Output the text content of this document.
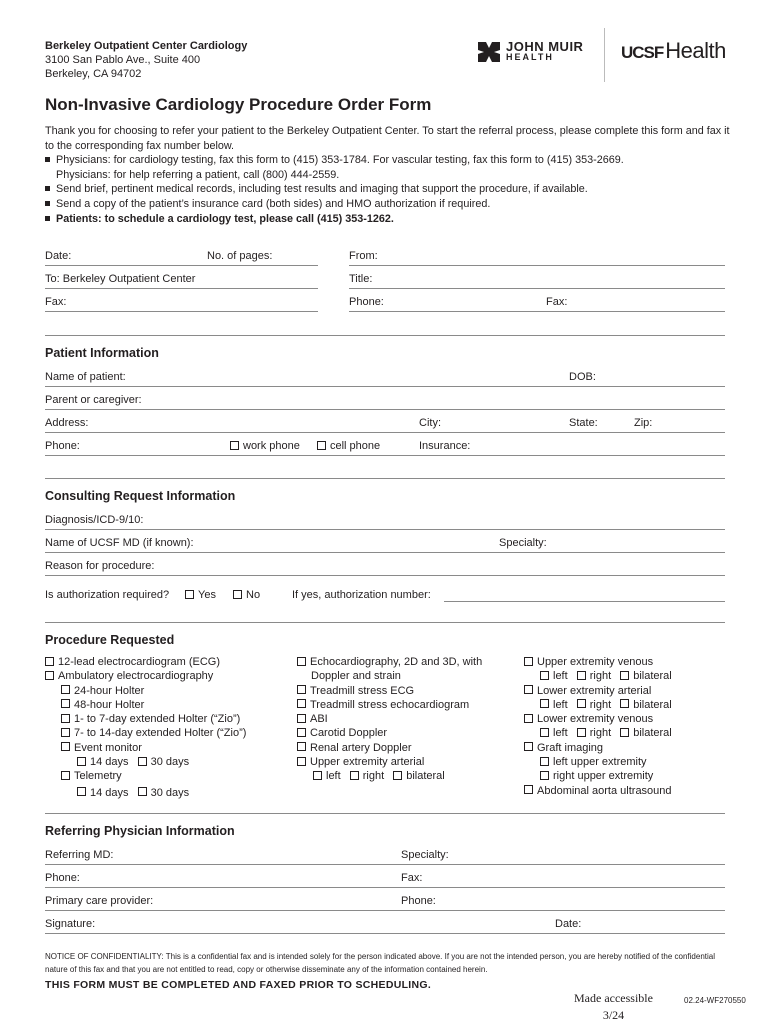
Berkeley Outpatient Center Cardiology
3100 San Pablo Ave., Suite 400
Berkeley, CA 94702
JOHN MUIR
HEALTH	UCSF Health
Non-Invasive Cardiology Procedure Order Form
Thank you for choosing to refer your patient to the Berkeley Outpatient Center. To start the referral process, please complete this form and fax it to the corresponding fax number below.
Physicians: for cardiology testing, fax this form to (415) 353-1784. For vascular testing, fax this form to (415) 353-2669.
Physicians: for help referring a patient, call (800) 444-2559.
Send brief, pertinent medical records, including test results and imaging that support the procedure, if available.
Send a copy of the patient’s insurance card (both sides) and HMO authorization if required.
Patients: to schedule a cardiology test, please call (415) 353-1262.
Date:	No. of pages:	From:
To: Berkeley Outpatient Center	Title:
Fax:	Phone:	Fax:
Patient Information
Name of patient:	DOB:
Parent or caregiver:
Address:	City:	State:	Zip:
Phone:	work phone	cell phone	Insurance:
Consulting Request Information
Diagnosis/ICD-9/10:
Name of UCSF MD (if known):	Specialty:
Reason for procedure:
Is authorization required?	Yes	No	If yes, authorization number:
Procedure Requested
12-lead electrocardiogram (ECG)
Ambulatory electrocardiography
24-hour Holter
48-hour Holter
1- to 7-day extended Holter (“Zio”)
7- to 14-day extended Holter (“Zio”)
Event monitor
14 days 30 days
Telemetry
14 days 30 days
Echocardiography, 2D and 3D, with
Doppler and strain
Treadmill stress ECG
Treadmill stress echocardiogram
ABI
Carotid Doppler
Renal artery Doppler
Upper extremity arterial
left right bilateral
Upper extremity venous
left right bilateral
Lower extremity arterial
left right bilateral
Lower extremity venous
left right bilateral
Graft imaging
left upper extremity
right upper extremity
Abdominal aorta ultrasound
Referring Physician Information
Referring MD:	Specialty:
Phone:	Fax:
Primary care provider:	Phone:
Signature:	Date:
NOTICE OF CONFIDENTIALITY: This is a confidential fax and is intended solely for the person indicated above. If you are not the intended person, you are hereby notified of the confidential nature of this fax and that you are not entitled to read, copy or otherwise disseminate any of the information contained herein.
THIS FORM MUST BE COMPLETED AND FAXED PRIOR TO SCHEDULING.
Made accessible
3/24
02.24-WF270550
